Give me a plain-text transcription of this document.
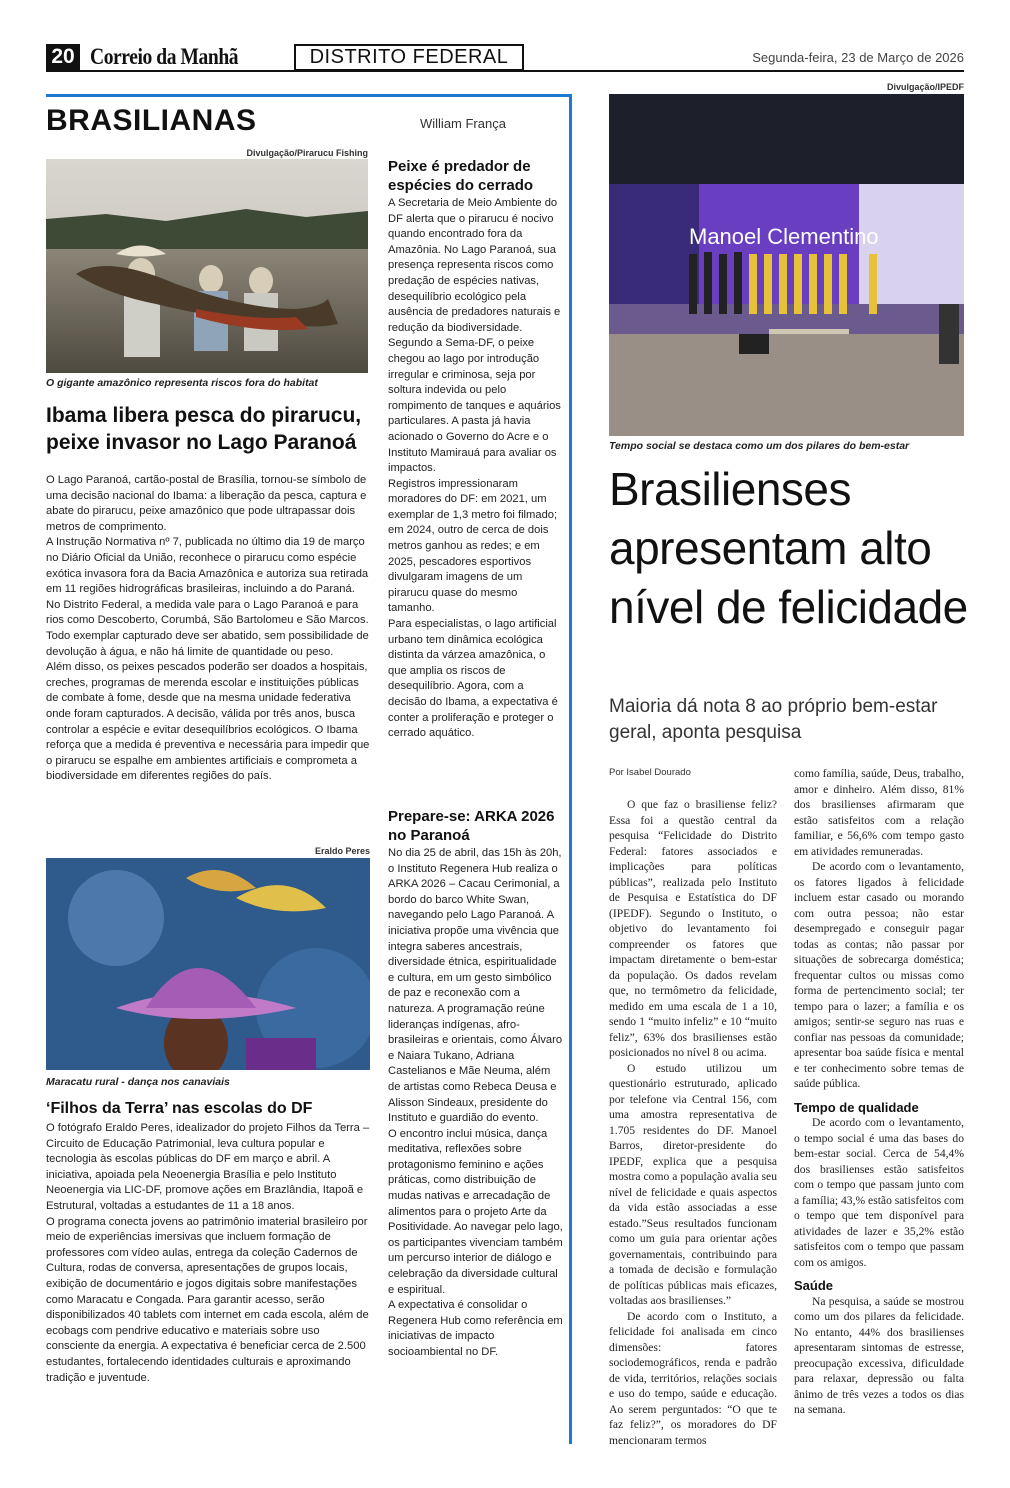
20 Correio da Manhã	DISTRITO FEDERAL	Segunda-feira, 23 de Março de 2026
BRASILIANAS	William França
Divulgação/Pirarucu Fishing
O gigante amazônico representa riscos fora do habitat
Ibama libera pesca do pirarucu, peixe invasor no Lago Paranoá

O Lago Paranoá, cartão-postal de Brasília, tornou-se símbolo de uma decisão nacional do Ibama: a liberação da pesca, captura e abate do pirarucu, peixe amazônico que pode ultrapassar dois metros de comprimento.

A Instrução Normativa nº 7, publicada no último dia 19 de março no Diário Oficial da União, reconhece o pirarucu como espécie exótica invasora fora da Bacia Amazônica e autoriza sua retirada em 11 regiões hidrográficas brasileiras, incluindo a do Paraná.

No Distrito Federal, a medida vale para o Lago Paranoá e para rios como Descoberto, Corumbá, São Bartolomeu e São Marcos. Todo exemplar capturado deve ser abatido, sem possibilidade de devolução à água, e não há limite de quantidade ou peso.

Além disso, os peixes pescados poderão ser doados a hospitais, creches, programas de merenda escolar e instituições públicas de combate à fome, desde que na mesma unidade federativa onde foram capturados. A decisão, válida por três anos, busca controlar a espécie e evitar desequilíbrios ecológicos. O Ibama reforça que a medida é preventiva e necessária para impedir que o pirarucu se espalhe em ambientes artificiais e comprometa a biodiversidade em diferentes regiões do país.

Eraldo Peres
Maracatu rural - dança nos canaviais
‘Filhos da Terra’ nas escolas do DF

O fotógrafo Eraldo Peres, idealizador do projeto Filhos da Terra – Circuito de Educação Patrimonial, leva cultura popular e tecnologia às escolas públicas do DF em março e abril. A iniciativa, apoiada pela Neoenergia Brasília e pelo Instituto Neoenergia via LIC-DF, promove ações em Brazlândia, Itapoã e Estrutural, voltadas a estudantes de 11 a 18 anos.

O programa conecta jovens ao patrimônio imaterial brasileiro por meio de experiências imersivas que incluem formação de professores com vídeo aulas, entrega da coleção Cadernos de Cultura, rodas de conversa, apresentações de grupos locais, exibição de documentário e jogos digitais sobre manifestações como Maracatu e Congada. Para garantir acesso, serão disponibilizados 40 tablets com internet em cada escola, além de ecobags com pendrive educativo e materiais sobre uso consciente da energia. A expectativa é beneficiar cerca de 2.500 estudantes, fortalecendo identidades culturais e aproximando tradição e juventude.

Peixe é predador de espécies do cerrado

A Secretaria de Meio Ambiente do DF alerta que o pirarucu é nocivo quando encontrado fora da Amazônia. No Lago Paranoá, sua presença representa riscos como predação de espécies nativas, desequilíbrio ecológico pela ausência de predadores naturais e redução da biodiversidade.

Segundo a Sema-DF, o peixe chegou ao lago por introdução irregular e criminosa, seja por soltura indevida ou pelo rompimento de tanques e aquários particulares. A pasta já havia acionado o Governo do Acre e o Instituto Mamirauá para avaliar os impactos.

Registros impressionaram moradores do DF: em 2021, um exemplar de 1,3 metro foi filmado; em 2024, outro de cerca de dois metros ganhou as redes; e em 2025, pescadores esportivos divulgaram imagens de um pirarucu quase do mesmo tamanho.

Para especialistas, o lago artificial urbano tem dinâmica ecológica distinta da várzea amazônica, o que amplia os riscos de desequilíbrio. Agora, com a decisão do Ibama, a expectativa é conter a proliferação e proteger o cerrado aquático.

Prepare-se: ARKA 2026 no Paranoá

No dia 25 de abril, das 15h às 20h, o Instituto Regenera Hub realiza o ARKA 2026 – Cacau Cerimonial, a bordo do barco White Swan, navegando pelo Lago Paranoá. A iniciativa propõe uma vivência que integra saberes ancestrais, diversidade étnica, espiritualidade e cultura, em um gesto simbólico de paz e reconexão com a natureza. A programação reúne lideranças indígenas, afro-brasileiras e orientais, como Álvaro e Naiara Tukano, Adriana Castelianos e Mãe Neuma, além de artistas como Rebeca Deusa e Alisson Sindeaux, presidente do Instituto e guardião do evento.

O encontro inclui música, dança meditativa, reflexões sobre protagonismo feminino e ações práticas, como distribuição de mudas nativas e arrecadação de alimentos para o projeto Arte da Positividade. Ao navegar pelo lago, os participantes vivenciam também um percurso interior de diálogo e celebração da diversidade cultural e espiritual.

A expectativa é consolidar o Regenera Hub como referência em iniciativas de impacto socioambiental no DF.

Divulgação/IPEDF
Manoel Clementino
Tempo social se destaca como um dos pilares do bem-estar
Brasilienses apresentam alto nível de felicidade
Maioria dá nota 8 ao próprio bem-estar geral, aponta pesquisa
Por Isabel Dourado

O que faz o brasiliense feliz? Essa foi a questão central da pesquisa “Felicidade do Distrito Federal: fatores associados e implicações para políticas públicas”, realizada pelo Instituto de Pesquisa e Estatística do DF (IPEDF). Segundo o Instituto, o objetivo do levantamento foi compreender os fatores que impactam diretamente o bem-estar da população. Os dados revelam que, no termômetro da felicidade, medido em uma escala de 1 a 10, sendo 1 “muito infeliz” e 10 “muito feliz”, 63% dos brasilienses estão posicionados no nível 8 ou acima.

O estudo utilizou um questionário estruturado, aplicado por telefone via Central 156, com uma amostra representativa de 1.705 residentes do DF. Manoel Barros, diretor-presidente do IPEDF, explica que a pesquisa mostra como a população avalia seu nível de felicidade e quais aspectos da vida estão associadas a esse estado.”Seus resultados funcionam como um guia para orientar ações governamentais, contribuindo para a tomada de decisão e formulação de políticas públicas mais eficazes, voltadas aos brasilienses.”

De acordo com o Instituto, a felicidade foi analisada em cinco dimensões: fatores sociodemográficos, renda e padrão de vida, territórios, relações sociais e uso do tempo, saúde e educação. Ao serem perguntados: “O que te faz feliz?”, os moradores do DF mencionaram termos

como família, saúde, Deus, trabalho, amor e dinheiro. Além disso, 81% dos brasilienses afirmaram que estão satisfeitos com a relação familiar, e 56,6% com tempo gasto em atividades remuneradas.

De acordo com o levantamento, os fatores ligados à felicidade incluem estar casado ou morando com outra pessoa; não estar desempregado e conseguir pagar todas as contas; não passar por situações de sobrecarga doméstica; frequentar cultos ou missas como forma de pertencimento social; ter tempo para o lazer; a família e os amigos; sentir-se seguro nas ruas e confiar nas pessoas da comunidade; apresentar boa saúde física e mental e ter conhecimento sobre temas de saúde pública.

Tempo de qualidade

De acordo com o levantamento, o tempo social é uma das bases do bem-estar social. Cerca de 54,4% dos brasilienses estão satisfeitos com o tempo que passam junto com a família; 43,% estão satisfeitos com o tempo que tem disponível para atividades de lazer e 35,2% estão satisfeitos com o tempo que passam com os amigos.

Saúde

Na pesquisa, a saúde se mostrou como um dos pilares da felicidade. No entanto, 44% dos brasilienses apresentaram sintomas de estresse, preocupação excessiva, dificuldade para relaxar, depressão ou falta ânimo de três vezes a todos os dias na semana.
